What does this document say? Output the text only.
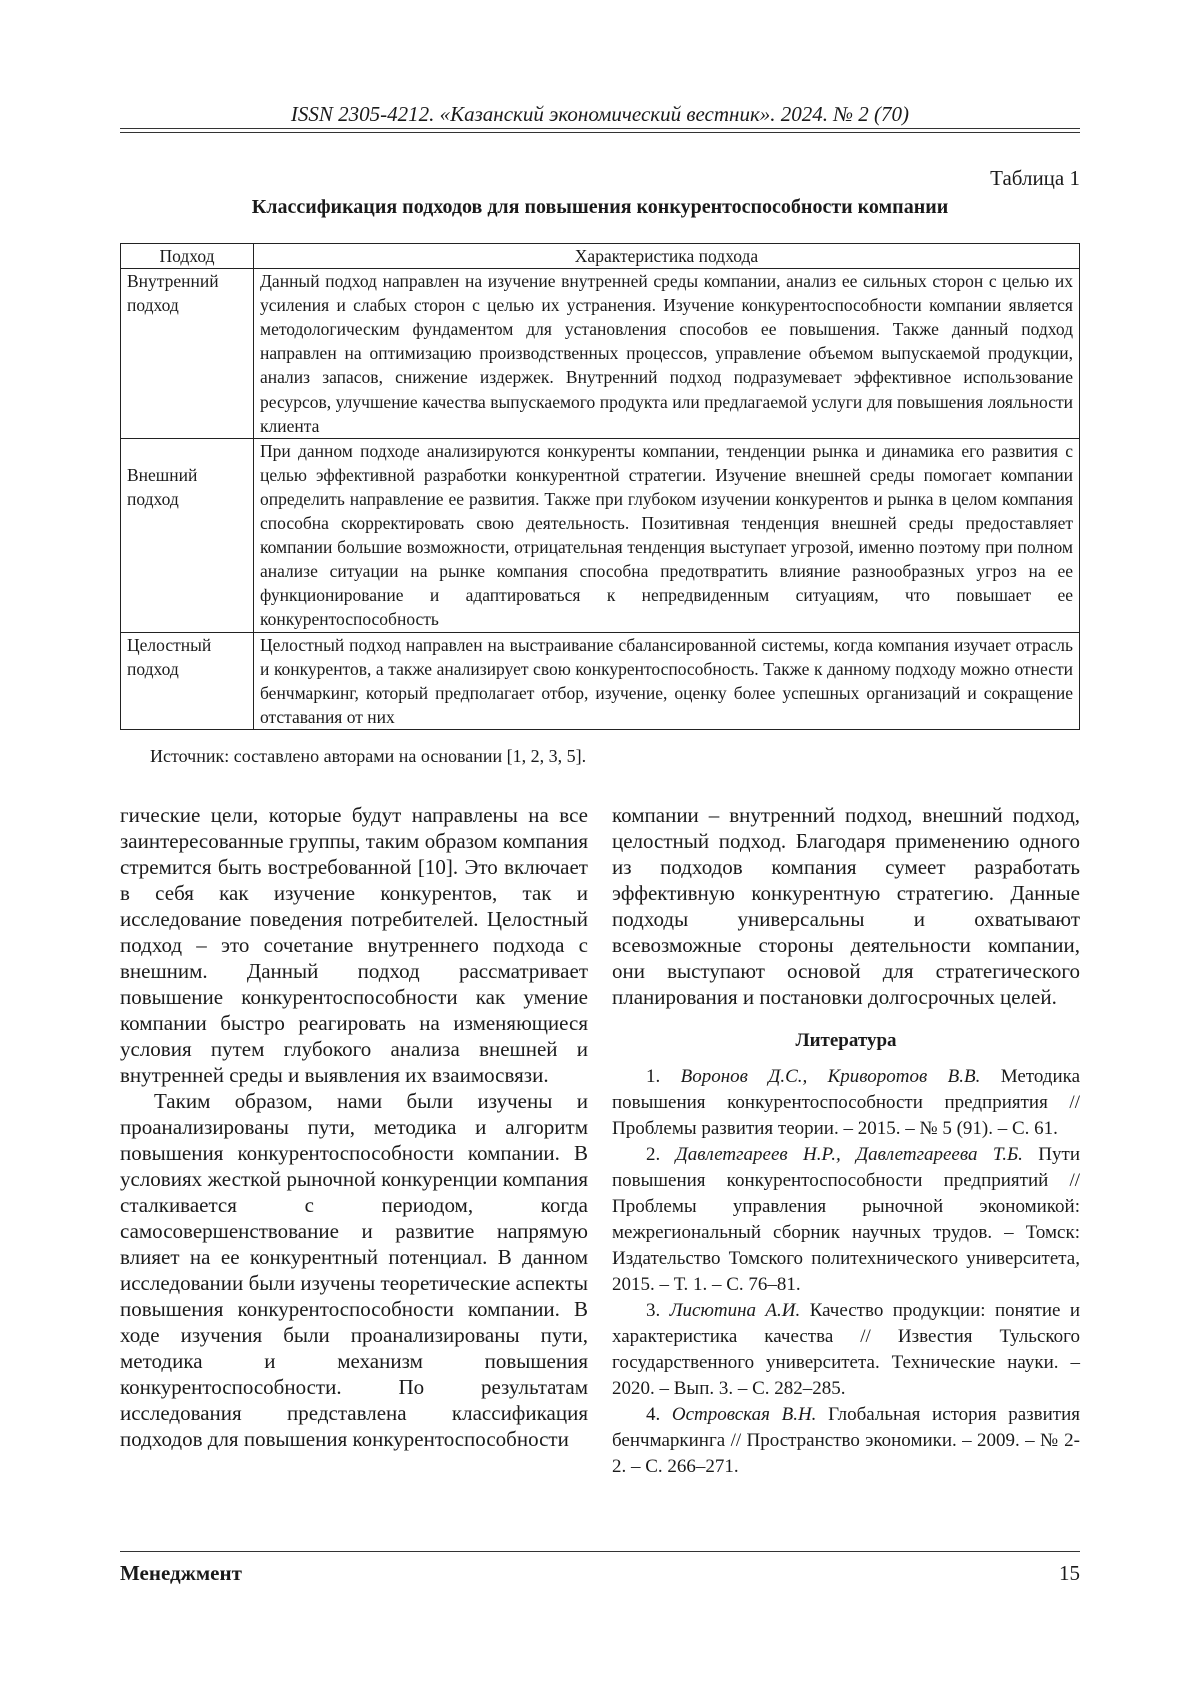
ISSN 2305-4212. «Казанский экономический вестник». 2024. № 2 (70)
Таблица 1
Классификация подходов для повышения конкурентоспособности компании
Подход	Характеристика подхода
Внутренний подход	Данный подход направлен на изучение внутренней среды компании, анализ ее сильных сторон с целью их усиления и слабых сторон с целью их устранения. Изучение конкурентоспособности компании является методологическим фундаментом для установления способов ее повышения. Также данный подход направлен на оптимизацию производственных процессов, управление объемом выпускаемой продукции, анализ запасов, снижение издержек. Внутренний подход подразумевает эффективное использование ресурсов, улучшение качества выпускаемого продукта или предлагаемой услуги для повышения лояльности клиента
Внешний подход	При данном подходе анализируются конкуренты компании, тенденции рынка и динамика его развития с целью эффективной разработки конкурентной стратегии. Изучение внешней среды помогает компании определить направление ее развития. Также при глубоком изучении конкурентов и рынка в целом компания способна скорректировать свою деятельность. Позитивная тенденция внешней среды предоставляет компании большие возможности, отрицательная тенденция выступает угрозой, именно поэтому при полном анализе ситуации на рынке компания способна предотвратить влияние разнообразных угроз на ее функционирование и адаптироваться к непредвиденным ситуациям, что повышает ее конкурентоспособность
Целостный подход	Целостный подход направлен на выстраивание сбалансированной системы, когда компания изучает отрасль и конкурентов, а также анализирует свою конкурентоспособность. Также к данному подходу можно отнести бенчмаркинг, который предполагает отбор, изучение, оценку более успешных организаций и сокращение отставания от них
Источник: составлено авторами на основании [1, 2, 3, 5].

гические цели, которые будут направлены на все заинтересованные группы, таким образом компания стремится быть востребованной [10]. Это включает в себя как изучение конкурентов, так и исследование поведения потребителей. Целостный подход – это сочетание внутреннего подхода с внешним. Данный подход рассматривает повышение конкурентоспособности как умение компании быстро реагировать на изменяющиеся условия путем глубокого анализа внешней и внутренней среды и выявления их взаимосвязи.

Таким образом, нами были изучены и проанализированы пути, методика и алгоритм повышения конкурентоспособности компании. В условиях жесткой рыночной конкуренции компания сталкивается с периодом, когда самосовершенствование и развитие напрямую влияет на ее конкурентный потенциал. В данном исследовании были изучены теоретические аспекты повышения конкурентоспособности компании. В ходе изучения были проанализированы пути, методика и механизм повышения конкурентоспособности. По результатам исследования представлена классификация подходов для повышения конкурентоспособности

компании – внутренний подход, внешний подход, целостный подход. Благодаря применению одного из подходов компания сумеет разработать эффективную конкурентную стратегию. Данные подходы универсальны и охватывают всевозможные стороны деятельности компании, они выступают основой для стратегического планирования и постановки долгосрочных целей.

Литература

1. Воронов Д.С., Криворотов В.В. Методика повышения конкурентоспособности предприятия // Проблемы развития теории. – 2015. – № 5 (91). – С. 61.

2. Давлетгареев Н.Р., Давлетгареева Т.Б. Пути повышения конкурентоспособности предприятий // Проблемы управления рыночной экономикой: межрегиональный сборник научных трудов. – Томск: Издательство Томского политехнического университета, 2015. – Т. 1. – С. 76–81.

3. Лисютина А.И. Качество продукции: понятие и характеристика качества // Известия Тульского государственного университета. Технические науки. – 2020. – Вып. 3. – С. 282–285.

4. Островская В.Н. Глобальная история развития бенчмаркинга // Пространство экономики. – 2009. – № 2-2. – С. 266–271.

Менеджмент	15
